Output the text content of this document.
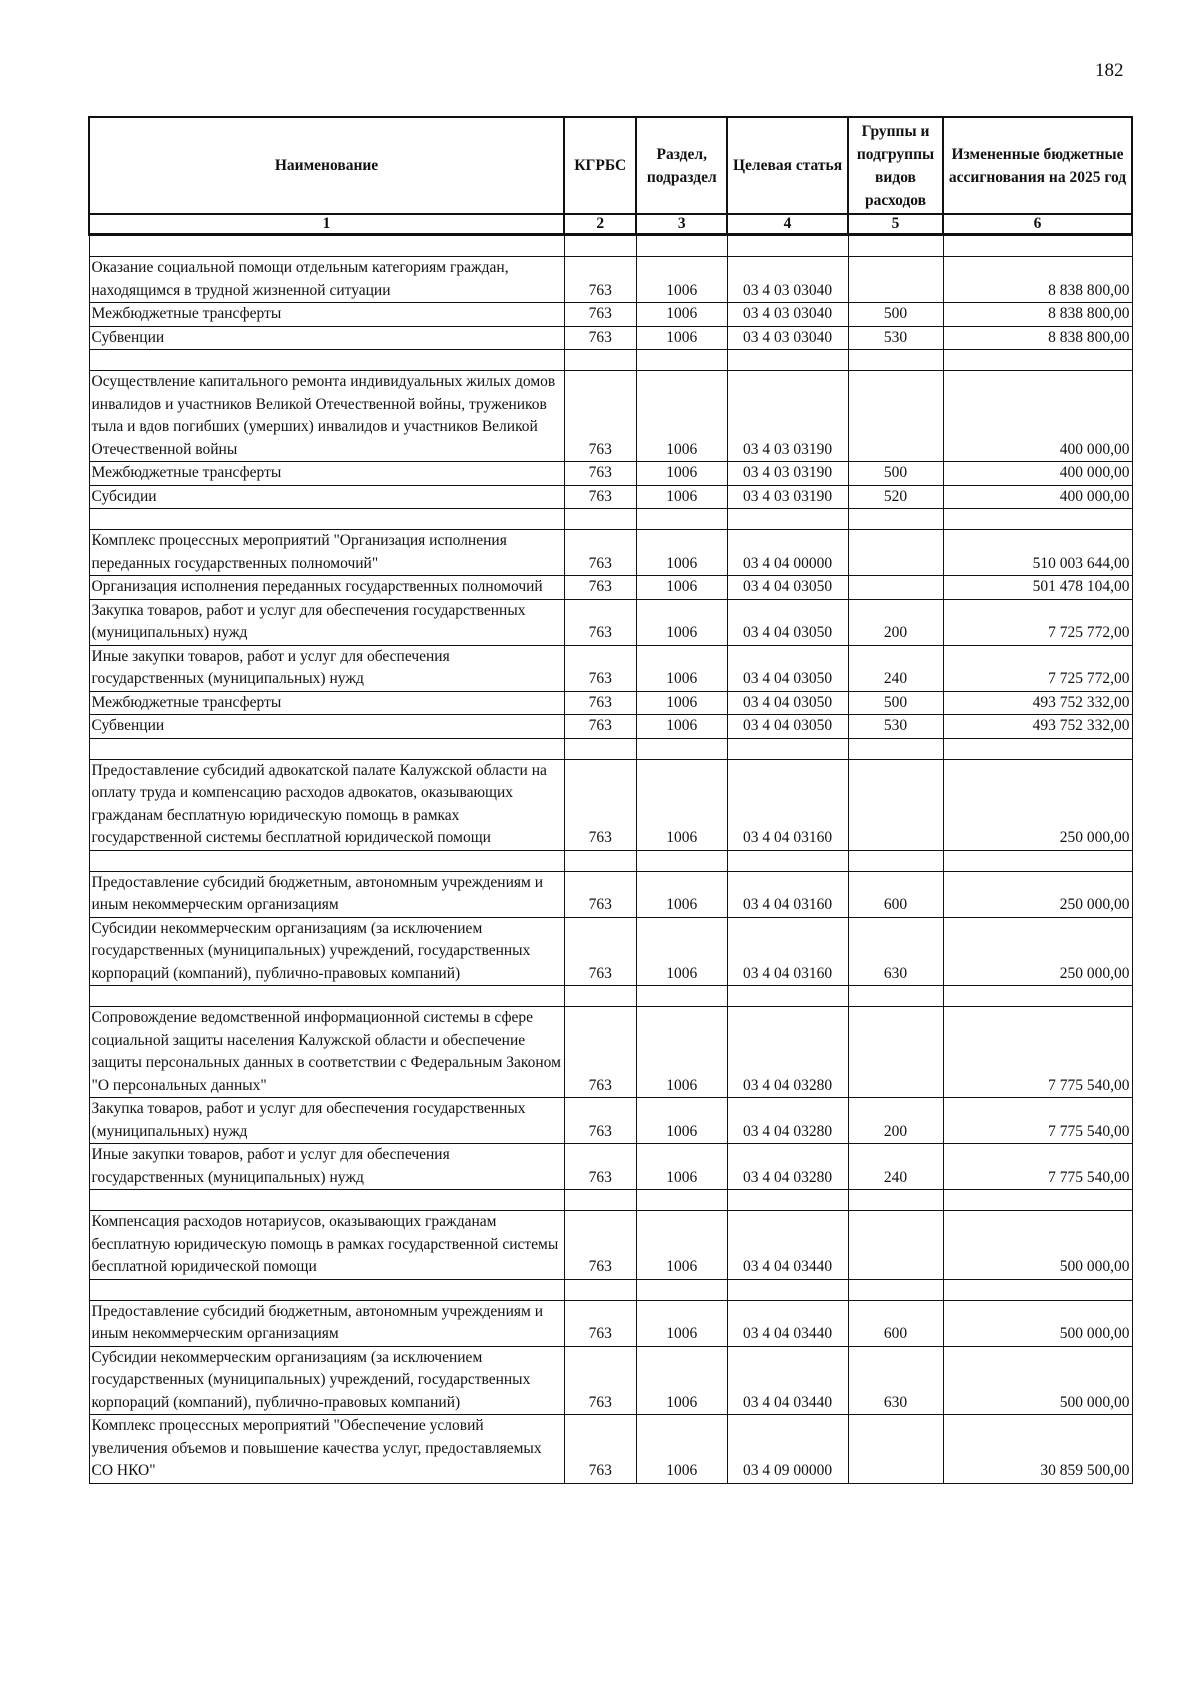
182
Наименование	КГРБС	Раздел, подраздел	Целевая статья	Группы и подгруппы видов расходов	Измененные бюджетные ассигнования на 2025 год
1	2	3	4	5	6

Оказание социальной помощи отдельным категориям граждан, находящимся в трудной жизненной ситуации	763	1006	03 4 03 03040		8 838 800,00
Межбюджетные трансферты	763	1006	03 4 03 03040	500	8 838 800,00
Субвенции	763	1006	03 4 03 03040	530	8 838 800,00

Осуществление капитального ремонта индивидуальных жилых домов инвалидов и участников Великой Отечественной войны, тружеников тыла и вдов погибших (умерших) инвалидов и участников Великой Отечественной войны	763	1006	03 4 03 03190		400 000,00
Межбюджетные трансферты	763	1006	03 4 03 03190	500	400 000,00
Субсидии	763	1006	03 4 03 03190	520	400 000,00

Комплекс процессных мероприятий "Организация исполнения переданных государственных полномочий"	763	1006	03 4 04 00000		510 003 644,00
Организация исполнения переданных государственных полномочий	763	1006	03 4 04 03050		501 478 104,00
Закупка товаров, работ и услуг для обеспечения государственных (муниципальных) нужд	763	1006	03 4 04 03050	200	7 725 772,00
Иные закупки товаров, работ и услуг для обеспечения государственных (муниципальных) нужд	763	1006	03 4 04 03050	240	7 725 772,00
Межбюджетные трансферты	763	1006	03 4 04 03050	500	493 752 332,00
Субвенции	763	1006	03 4 04 03050	530	493 752 332,00

Предоставление субсидий адвокатской палате Калужской области на оплату труда и компенсацию расходов адвокатов, оказывающих гражданам бесплатную юридическую помощь в рамках государственной системы бесплатной юридической помощи	763	1006	03 4 04 03160		250 000,00

Предоставление субсидий бюджетным, автономным учреждениям и иным некоммерческим организациям	763	1006	03 4 04 03160	600	250 000,00
Субсидии некоммерческим организациям (за исключением государственных (муниципальных) учреждений, государственных корпораций (компаний), публично-правовых компаний)	763	1006	03 4 04 03160	630	250 000,00

Сопровождение ведомственной информационной системы в сфере социальной защиты населения Калужской области и обеспечение защиты персональных данных в соответствии с Федеральным Законом "О персональных данных"	763	1006	03 4 04 03280		7 775 540,00
Закупка товаров, работ и услуг для обеспечения государственных (муниципальных) нужд	763	1006	03 4 04 03280	200	7 775 540,00
Иные закупки товаров, работ и услуг для обеспечения государственных (муниципальных) нужд	763	1006	03 4 04 03280	240	7 775 540,00

Компенсация расходов нотариусов, оказывающих гражданам бесплатную юридическую помощь в рамках государственной системы бесплатной юридической помощи	763	1006	03 4 04 03440		500 000,00

Предоставление субсидий бюджетным, автономным учреждениям и иным некоммерческим организациям	763	1006	03 4 04 03440	600	500 000,00
Субсидии некоммерческим организациям (за исключением государственных (муниципальных) учреждений, государственных корпораций (компаний), публично-правовых компаний)	763	1006	03 4 04 03440	630	500 000,00
Комплекс процессных мероприятий "Обеспечение условий увеличения объемов и повышение качества услуг, предоставляемых СО НКО"	763	1006	03 4 09 00000		30 859 500,00
